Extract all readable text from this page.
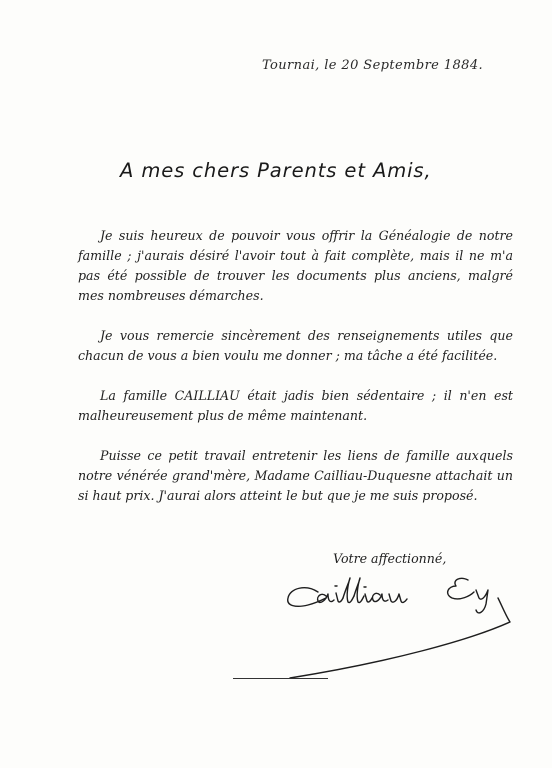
Tournai, le 20 Septembre 1884.
A mes chers Parents et Amis,

Je suis heureux de pouvoir vous offrir la Généalogie de notre famille ; j'aurais désiré l'avoir tout à fait complète, mais il ne m'a pas été possible de trouver les documents plus anciens, malgré mes nombreuses démarches.

Je vous remercie sincèrement des renseignements utiles que chacun de vous a bien voulu me donner ; ma tâche a été facilitée.

La famille CAILLIAU était jadis bien sédentaire ; il n'en est malheureusement plus de même maintenant.

Puisse ce petit travail entretenir les liens de famille auxquels notre vénérée grand'mère, Madame Cailliau-Duquesne attachait un si haut prix. J'aurai alors atteint le but que je me suis proposé.

Votre affectionné,
